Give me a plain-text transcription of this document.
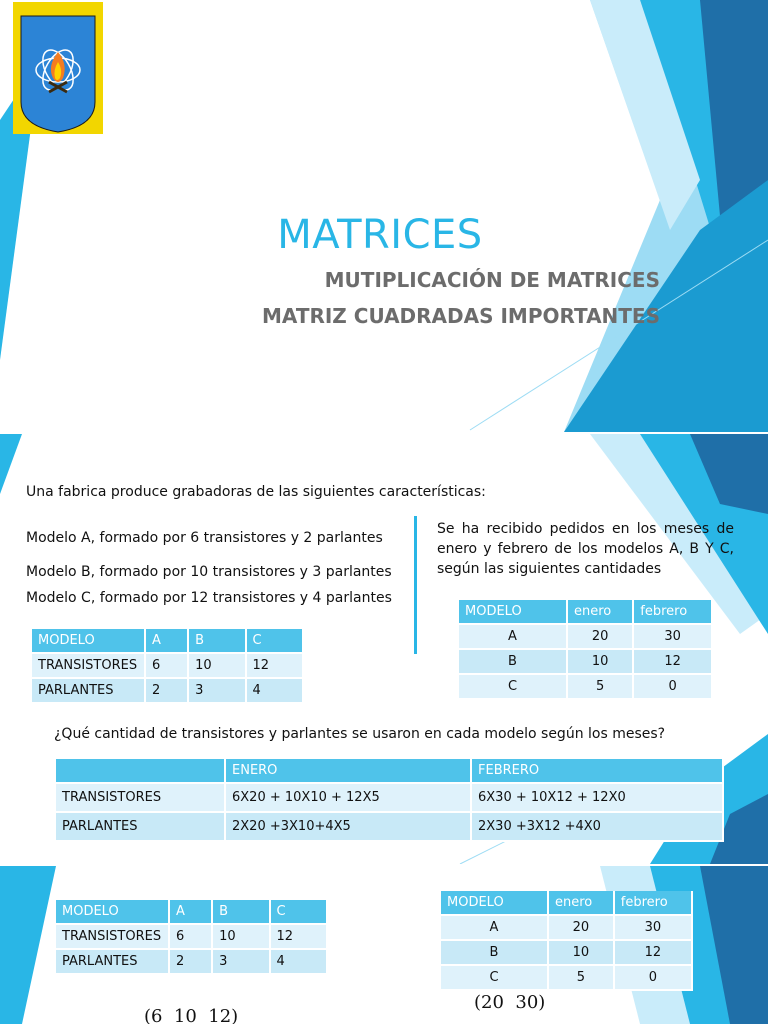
MATRICES
MUTIPLICACIÓN DE MATRICES
MATRIZ CUADRADAS IMPORTANTES
Una fabrica produce grabadoras de las siguientes características:
Modelo A, formado por 6 transistores y 2 parlantes
Modelo B, formado por 10 transistores y 3 parlantes
Modelo C, formado por 12 transistores y 4 parlantes
Se ha recibido pedidos en los meses de enero y febrero de los modelos A, B Y C, según las siguientes cantidades
MODELO	A	B	C
TRANSISTORES	6	10	12
PARLANTES	2	3	4
MODELO	enero	febrero
A	20	30
B	10	12
C	5	0
¿Qué cantidad de transistores y parlantes se usaron en cada modelo según los meses?
	ENERO	FEBRERO
TRANSISTORES	6X20 + 10X10 + 12X5	6X30 + 10X12 + 12X0
PARLANTES	2X20 +3X10+4X5	2X30 +3X12 +4X0
MODELO	A	B	C
TRANSISTORES	6	10	12
PARLANTES	2	3	4
MODELO	enero	febrero
A	20	30
B	10	12
C	5	0
(6  10  12)
(20  30)
